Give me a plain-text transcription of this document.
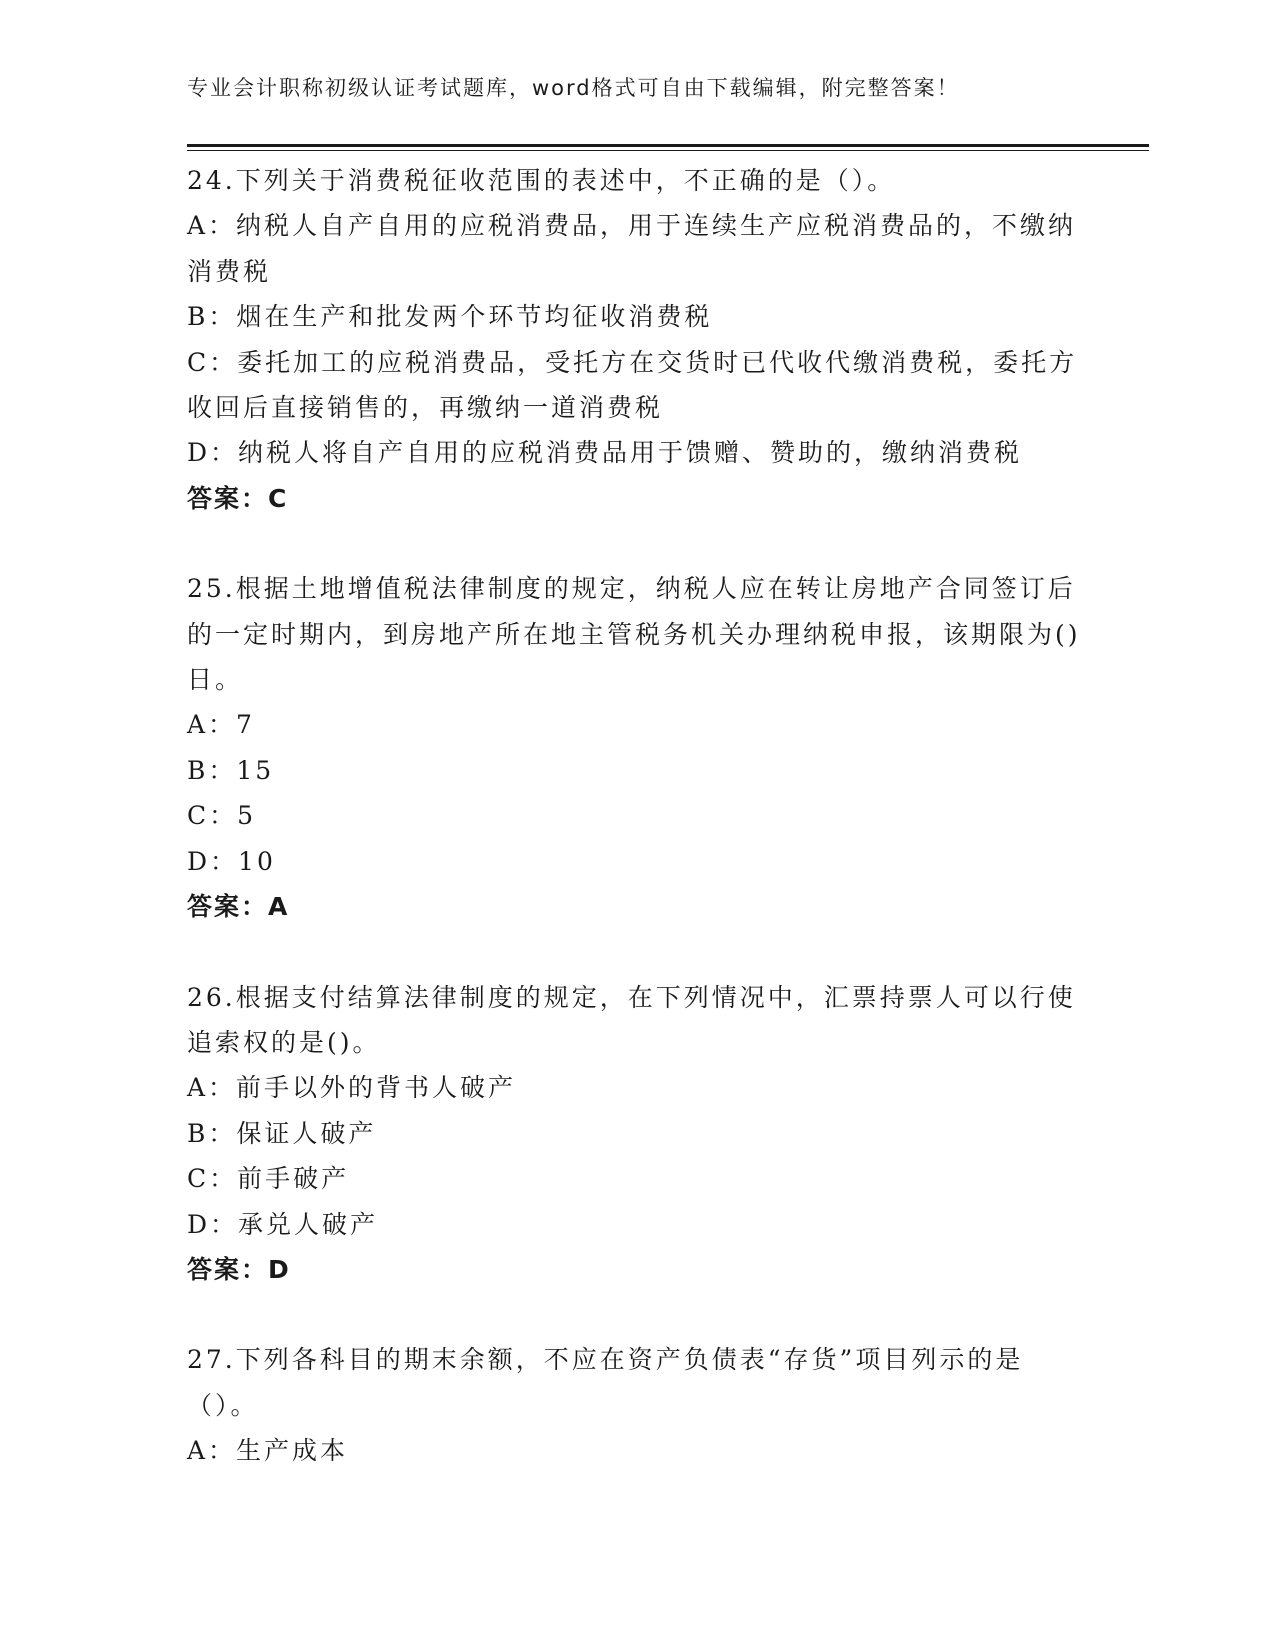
专业会计职称初级认证考试题库，word格式可自由下载编辑，附完整答案！
24.下列关于消费税征收范围的表述中，不正确的是（）。
A：纳税人自产自用的应税消费品，用于连续生产应税消费品的，不缴纳消费税
B：烟在生产和批发两个环节均征收消费税
C：委托加工的应税消费品，受托方在交货时已代收代缴消费税，委托方收回后直接销售的，再缴纳一道消费税
D：纳税人将自产自用的应税消费品用于馈赠、赞助的，缴纳消费税
答案：C
25.根据土地增值税法律制度的规定，纳税人应在转让房地产合同签订后的一定时期内，到房地产所在地主管税务机关办理纳税申报，该期限为()日。
A：7
B：15
C：5
D：10
答案：A
26.根据支付结算法律制度的规定，在下列情况中，汇票持票人可以行使追索权的是()。
A：前手以外的背书人破产
B：保证人破产
C：前手破产
D：承兑人破产
答案：D
27.下列各科目的期末余额，不应在资产负债表“存货”项目列示的是（）。
A：生产成本
